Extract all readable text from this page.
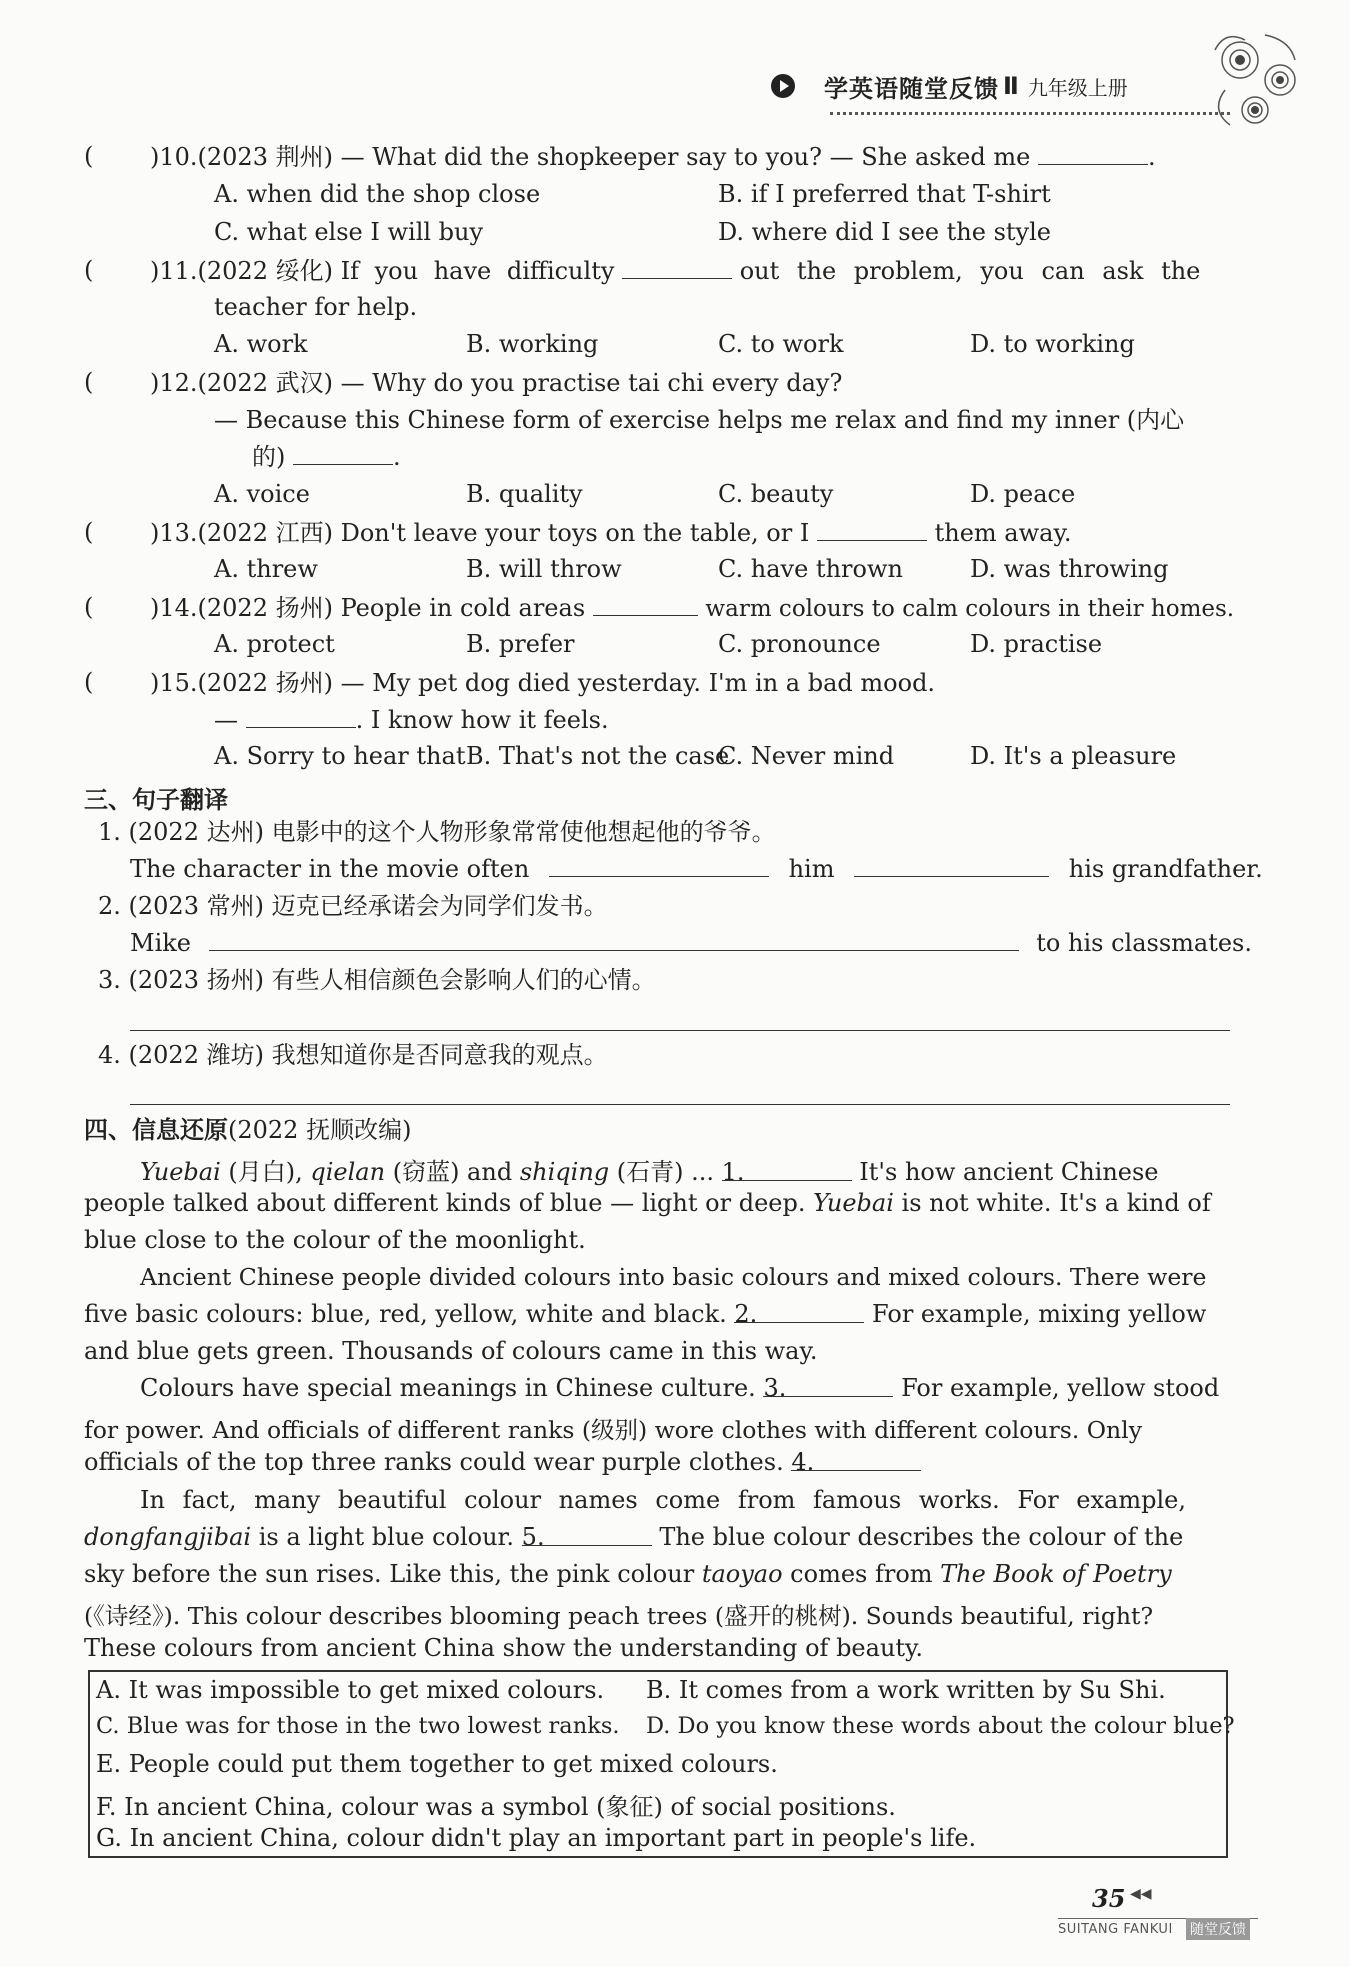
学英语随堂反馈 Ⅱ 九年级上册
( )10.(2023 荆州) — What did the shopkeeper say to you? — She asked me	.
A. when did the shop close	B. if I preferred that T-shirt
C. what else I will buy	D. where did I see the style
( )11.(2022 绥化) If you have difficulty	out the problem, you can ask the
teacher for help.
A. work	B. working	C. to work	D. to working
( )12.(2022 武汉) — Why do you practise tai chi every day?
— Because this Chinese form of exercise helps me relax and find my inner (内心
的)	.
A. voice	B. quality	C. beauty	D. peace
( )13.(2022 江西) Don't leave your toys on the table, or I	them away.
A. threw	B. will throw	C. have thrown	D. was throwing
( )14.(2022 扬州) People in cold areas	warm colours to calm colours in their homes.
A. protect	B. prefer	C. pronounce	D. practise
( )15.(2022 扬州) — My pet dog died yesterday. I'm in a bad mood.
—	. I know how it feels.
A. Sorry to hear that B. That's not the case
C. Never mind	D. It's a pleasure
三、句子翻译
1. (2022 达州) 电影中的这个人物形象常常使他想起他的爷爷。
The character in the movie often	him	his grandfather.
2. (2023 常州) 迈克已经承诺会为同学们发书。
Mike	to his classmates.
3. (2023 扬州) 有些人相信颜色会影响人们的心情。
4. (2022 潍坊) 我想知道你是否同意我的观点。
四、信息还原(2022 抚顺改编)
Yuebai (月白), qielan (窃蓝) and shiqing (石青) ... 1.	It's how ancient Chinese
people talked about different kinds of blue — light or deep. Yuebai is not white. It's a kind of
blue close to the colour of the moonlight.
Ancient Chinese people divided colours into basic colours and mixed colours. There were
five basic colours: blue, red, yellow, white and black. 2.	For example, mixing yellow
and blue gets green. Thousands of colours came in this way.
Colours have special meanings in Chinese culture. 3.	For example, yellow stood
for power. And officials of different ranks (级别) wore clothes with different colours. Only
officials of the top three ranks could wear purple clothes. 4.
In fact, many beautiful colour names come from famous works. For example,
dongfangjibai is a light blue colour. 5.	The blue colour describes the colour of the
sky before the sun rises. Like this, the pink colour taoyao comes from The Book of Poetry
(《诗经》). This colour describes blooming peach trees (盛开的桃树). Sounds beautiful, right?
These colours from ancient China show the understanding of beauty.
A. It was impossible to get mixed colours. B. It comes from a work written by Su Shi.
C. Blue was for those in the two lowest ranks. D. Do you know these words about the colour blue?
E. People could put them together to get mixed colours.
F. In ancient China, colour was a symbol (象征) of social positions.
G. In ancient China, colour didn't play an important part in people's life.
35 ◀◀
SUITANG FANKUI 随堂反馈
